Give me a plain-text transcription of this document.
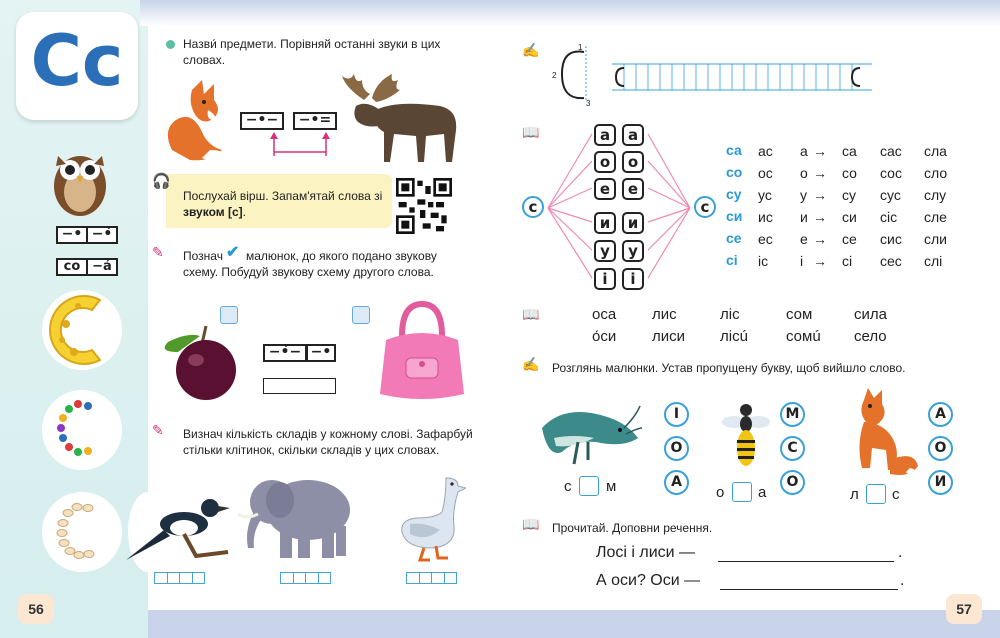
Cc
−• −•́
со −а́
Назви́ предмети. Порівняй останні звуки в цих
словах.
−•−	−•=
🎧
Послухай вірш. Запам'ятай слова зі
звуком [с].
✎ Познач ✔ малюнок, до якого подано звукову
схему. Побудуй звукову схему другого слова.
−•́− −•
✎ Визнач кількість складів у кожному слові. Зафарбуй
стільки клітинок, скільки складів у цих словах.
56
✍	1
2
3
📖
с	с
а	а
о	о
е	е
и	и
у	у
і	і
са ас а → са сас сла
со ос о → со сос сло
су ус у → су сус слу
си ис и → си сіс сле
се ес е → се сис сли
сі іс і → сі сес слі
📖	оса лис	ліс	сом	сила
о́си лиси лісú	сомú село
✍ Розглянь малюнки. Устав пропущену букву, щоб вийшло слово.
І
О
А
с м
М
С
О
о а
А
О
И
л с
📖 Прочитай. Доповни речення.
Лосі і лиси —	.
А оси? Оси —	.
57
